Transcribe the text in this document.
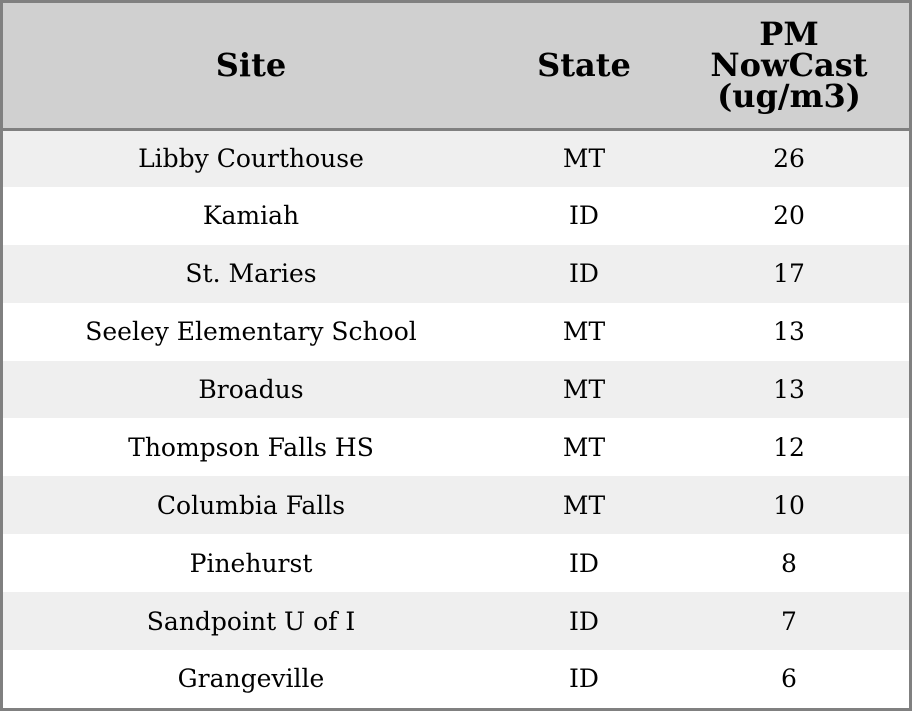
Site	State	PM
NowCast
(ug/m3)

Libby Courthouse	MT	26
Kamiah	ID	20
St. Maries	ID	17
Seeley Elementary School	MT	13
Broadus	MT	13
Thompson Falls HS	MT	12
Columbia Falls	MT	10
Pinehurst	ID	8
Sandpoint U of I	ID	7
Grangeville	ID	6
